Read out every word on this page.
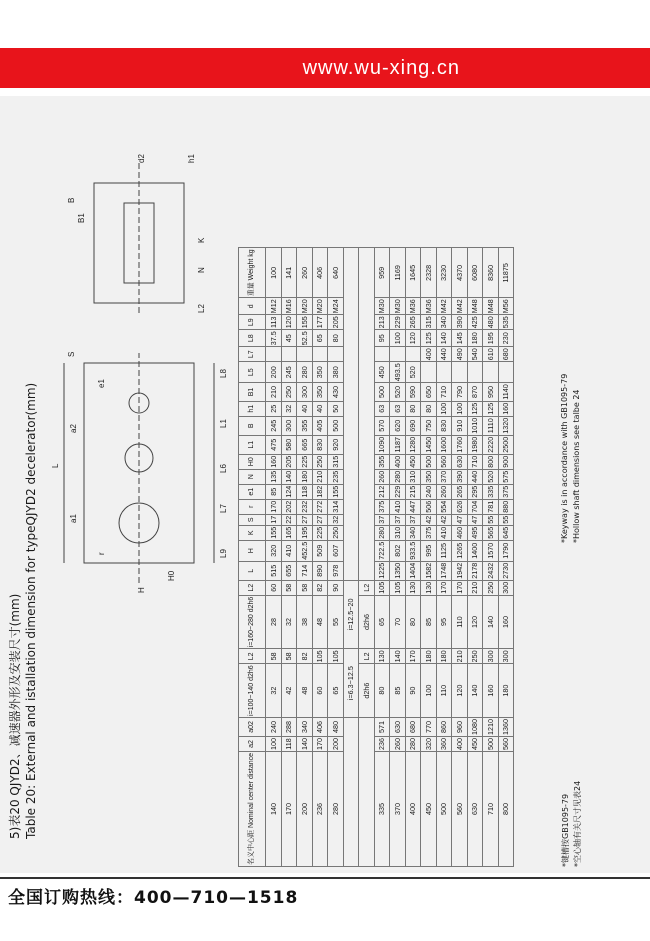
www.wu-xing.cn
5)表20 QJYD2、减速器外形及安装尺寸(mm) Table 20: External and istallation dimension for typeQJYD2 decelerator(mm)	H
H0
L
a1
a2
r
e1
S
L9
L7
L6
L1
L8
L2
N
K
B1
B
d2	h1
名义中心距 Nominal center distance	a2	a02	i=100~140 d2h6	L2	i=160~280 d2h6	L2	L	H	K	S	r	e1	N	H0	L1	B	h1	B1	L5	L7	L8	L9	d	重量 Weight kg
140	100	240	32	58	28	60	515	320	155	17	170	85	135	160	475	245	25	210	200		37.5	113	M12	100
170	118	288	42	58	32	58	655	410	165	22	202	124	140	205	580	300	32	250	245		45	120	M16	141
200	140	340	48	82	38	58	714	452.5	195	27	232	118	180	225	665	355	40	300	280		52.5	155	M20	260
236	170	406	60	105	48	82	890	509	225	27	272	182	210	250	830	405	40	350	350		65	177	M20	406
280	200	480	65	105	55	90	978	607	250	32	314	155	235	315	920	500	50	430	380		80	205	M24	640
			i=6.3~12.5		i=12.5~20																			
			d2h6	L2	d2h6	L2																		
335	236	571	80	130	65	105	1225	722.5	280	37	375	212	260	355	1090	570	63	500	450		95	213	M30	959
370	260	630	85	140	70	105	1350	802	310	37	410	229	280	400	1187	620	63	520	493.5		100	229	M30	1169
400	280	680	90	170	80	130	1404	933.5	340	37	447	215	310	450	1280	690	80	590	520		120	265	M36	1645
450	320	770	100	180	85	130	1582	995	375	42	506	240	350	500	1450	750	80	650		400	125	315	M36	2328
500	360	860	110	180	95	170	1748	1125	410	42	554	260	370	560	1600	830	100	710		440	140	340	M42	3230
560	400	960	120	210	110	170	1942	1265	460	47	626	265	390	630	1760	910	100	790		490	145	390	M42	4370
630	450	1080	140	250	120	210	2178	1400	495	47	704	295	440	710	1980	1010	125	870		540	180	425	M48	6080
710	500	1210	160	300	140	250	2432	1570	565	55	781	335	520	800	2220	1110	125	950		610	195	480	M48	8360
800	560	1360	180	300	160	300	2730	1790	645	55	880	375	575	900	2500	1320	160	1140		680	230	535	M56	11875
*键槽按GB1095-79 *空心轴有关尺寸见表24
*Keyway is in accordance with GB1095-79 *Hollow shaft dimensions see talbe 24
全国订购热线：400—710—1518
